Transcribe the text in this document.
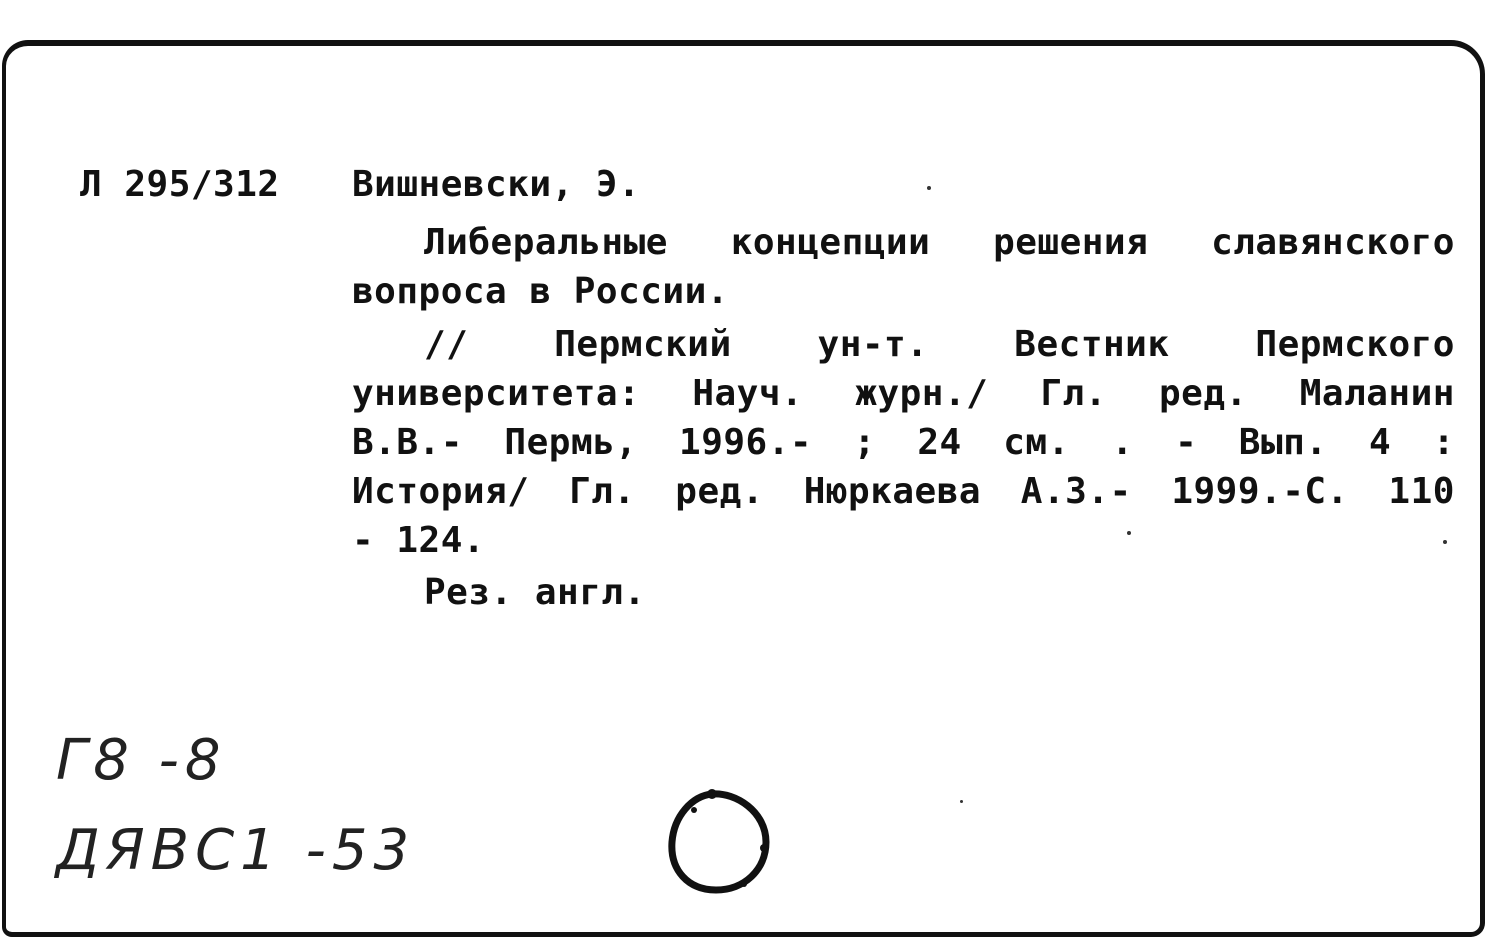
Л 295/312 Вишневски, Э.
Либеральные концепции решения славянского
вопроса в России.
// Пермский ун-т. Вестник Пермского
университета: Науч. журн./ Гл. ред. Маланин
В.В.- Пермь, 1996.- ; 24 см. . - Вып. 4 :
История/ Гл. ред. Нюркаева А.З.- 1999.-С. 110
- 124.
Рез. англ.
Г8 -8
ДЯВС1 -53
